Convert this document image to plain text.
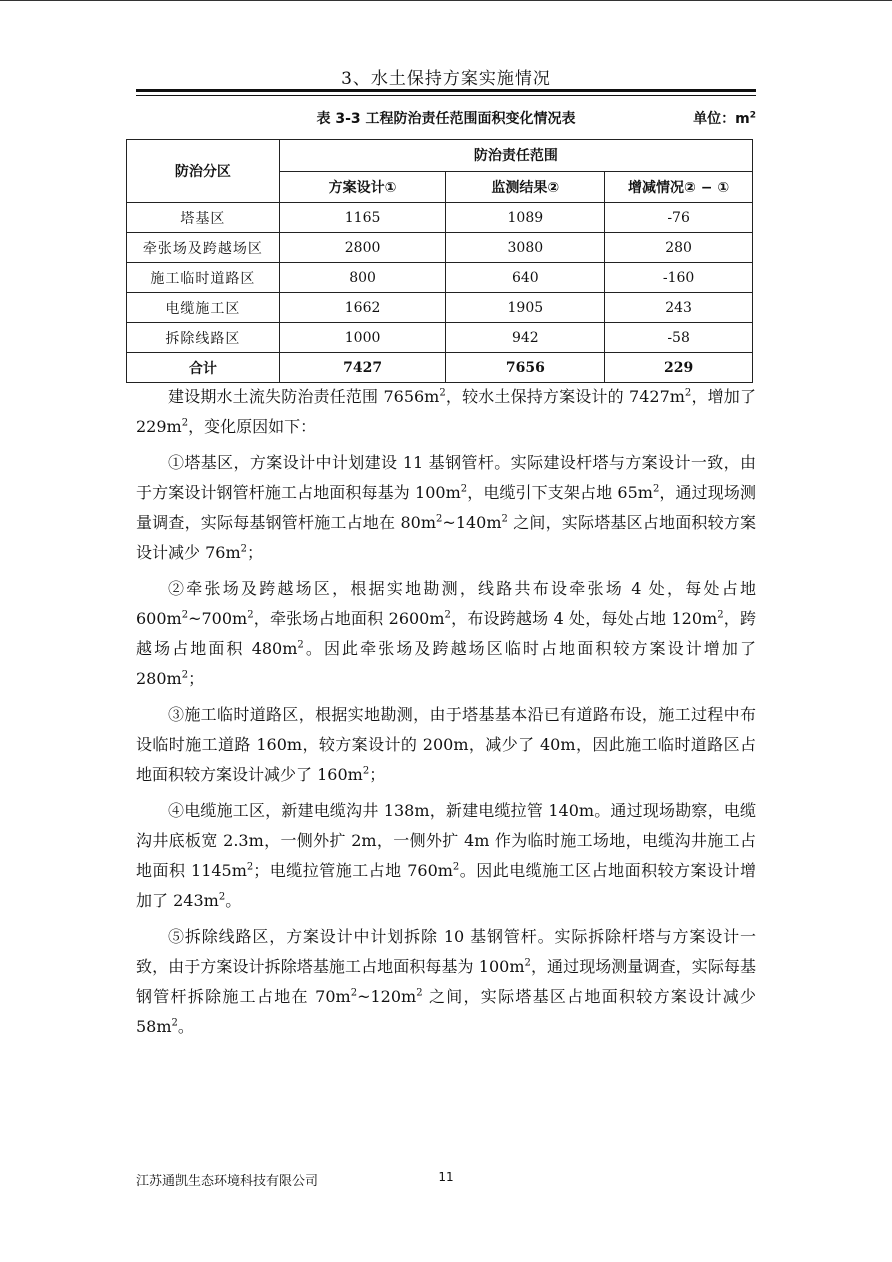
3、水土保持方案实施情况
表 3-3 工程防治责任范围面积变化情况表	单位：$m^2$
防治分区	防治责任范围		
	方案设计①	监测结果②	增减情况② − ①
塔基区	1165	1089	-76
牵张场及跨越场区	2800	3080	280
施工临时道路区	800	640	-160
电缆施工区	1662	1905	243
拆除线路区	1000	942	-58
合计	7427	7656	229

建设期水土流失防治责任范围 $7656m^2$，较水土保持方案设计的 $7427m^2$，增加了 $229m^2$，变化原因如下：

①塔基区，方案设计中计划建设 11 基钢管杆。实际建设杆塔与方案设计一致，由于方案设计钢管杆施工占地面积每基为 $100m^2$，电缆引下支架占地 $65m^2$，通过现场测量调查，实际每基钢管杆施工占地在 $80m^2\sim 140m^2$ 之间，实际塔基区占地面积较方案设计减少 $76m^2$；

②牵张场及跨越场区，根据实地勘测，线路共布设牵张场 4 处，每处占地 $600m^2\sim 700m^2$，牵张场占地面积 $2600m^2$，布设跨越场 4 处，每处占地 $120m^2$，跨越场占地面积 $480m^2$。因此牵张场及跨越场区临时占地面积较方案设计增加了 $280m^2$；

③施工临时道路区，根据实地勘测，由于塔基基本沿已有道路布设，施工过程中布设临时施工道路 160m，较方案设计的 200m，减少了 40m，因此施工临时道路区占地面积较方案设计减少了 $160m^2$；

④电缆施工区，新建电缆沟井 138m，新建电缆拉管 140m。通过现场勘察，电缆沟井底板宽 2.3m，一侧外扩 2m，一侧外扩 4m 作为临时施工场地，电缆沟井施工占地面积 $1145m^2$；电缆拉管施工占地 $760m^2$。因此电缆施工区占地面积较方案设计增加了 $243m^2$。

⑤拆除线路区，方案设计中计划拆除 10 基钢管杆。实际拆除杆塔与方案设计一致，由于方案设计拆除塔基施工占地面积每基为 $100m^2$，通过现场测量调查，实际每基钢管杆拆除施工占地在 $70m^2\sim 120m^2$ 之间，实际塔基区占地面积较方案设计减少 $58m^2$。

江苏通凯生态环境科技有限公司	11
